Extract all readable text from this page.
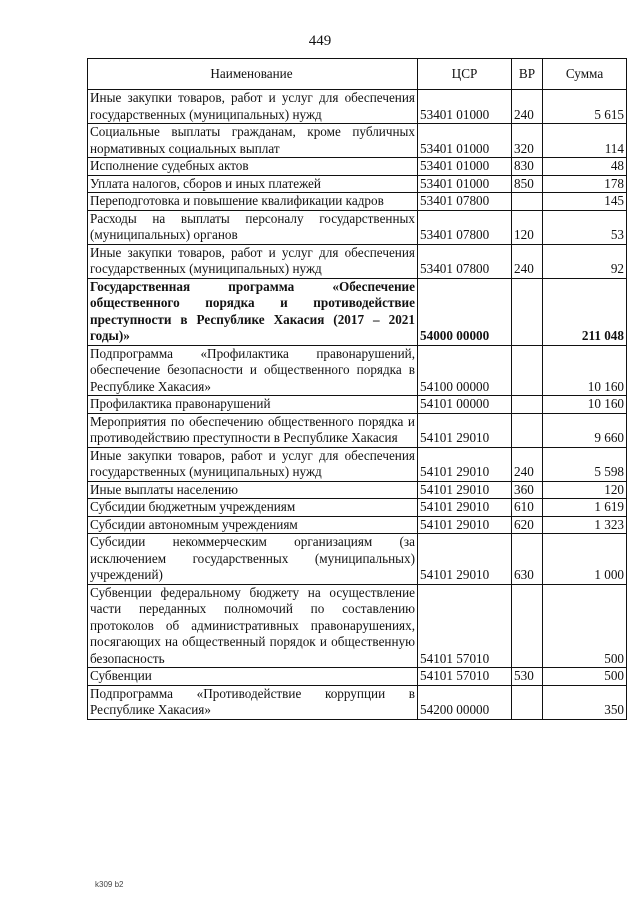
449
Наименование	ЦСР	ВР	Сумма
Иные закупки товаров, работ и услуг для обеспечения государственных (муниципальных) нужд	53401 01000	240	5 615
Социальные выплаты гражданам, кроме публичных нормативных социальных выплат	53401 01000	320	114
Исполнение судебных актов	53401 01000	830	48
Уплата налогов, сборов и иных платежей	53401 01000	850	178
Переподготовка и повышение квалификации кадров	53401 07800		145
Расходы на выплаты персоналу государственных (муниципальных) органов	53401 07800	120	53
Иные закупки товаров, работ и услуг для обеспечения государственных (муниципальных) нужд	53401 07800	240	92
Государственная программа «Обеспечение общественного порядка и противодействие преступности в Республике Хакасия (2017 – 2021 годы)»	54000 00000		211 048
Подпрограмма «Профилактика правонарушений, обеспечение безопасности и общественного порядка в Республике Хакасия»	54100 00000		10 160
Профилактика правонарушений	54101 00000		10 160
Мероприятия по обеспечению общественного порядка и противодействию преступности в Республике Хакасия	54101 29010		9 660
Иные закупки товаров, работ и услуг для обеспечения государственных (муниципальных) нужд	54101 29010	240	5 598
Иные выплаты населению	54101 29010	360	120
Субсидии бюджетным учреждениям	54101 29010	610	1 619
Субсидии автономным учреждениям	54101 29010	620	1 323
Субсидии некоммерческим организациям (за исключением государственных (муниципальных) учреждений)	54101 29010	630	1 000
Субвенции федеральному бюджету на осуществление части переданных полномочий по составлению протоколов об административных правонарушениях, посягающих на общественный порядок и общественную безопасность	54101 57010		500
Субвенции	54101 57010	530	500
Подпрограмма «Противодействие коррупции в Республике Хакасия»	54200 00000		350
k309 b2
